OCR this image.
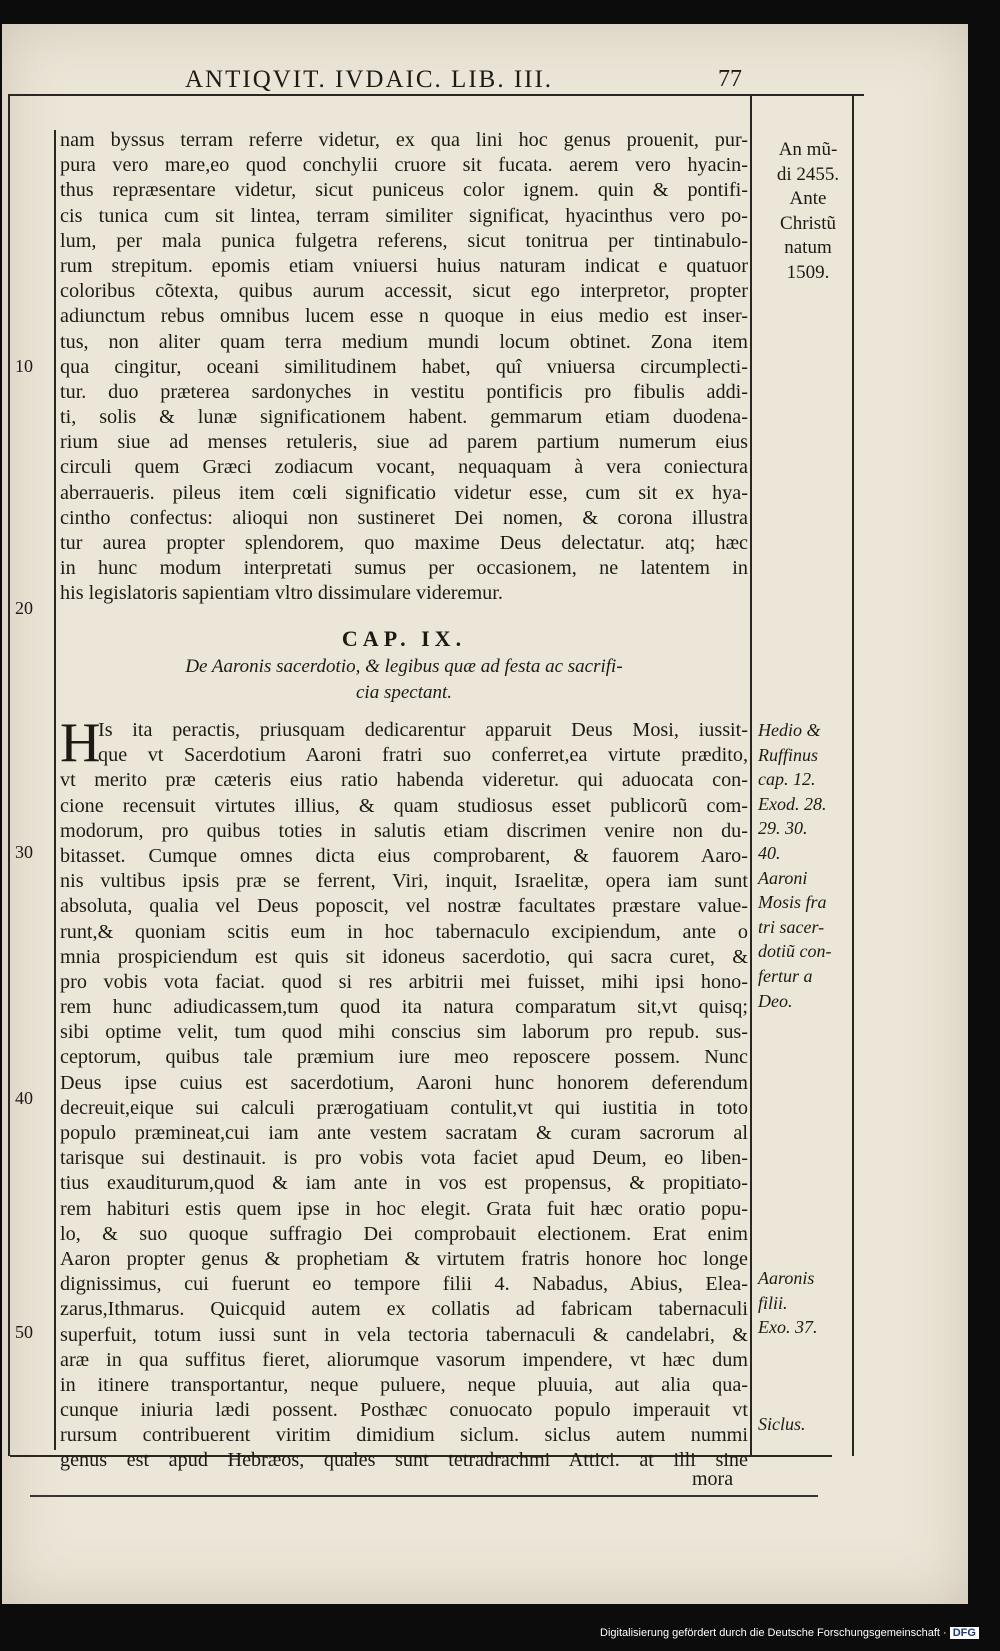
ANTIQVIT. IVDAIC. LIB. III.	77
nam byssus terram referre videtur, ex qua lini hoc genus prouenit, pur-
pura vero mare,eo quod conchylii cruore sit fucata. aerem vero hyacin-
thus repræsentare videtur, sicut puniceus color ignem. quin & pontifi-
cis tunica cum sit lintea, terram similiter significat, hyacinthus vero po-
lum, per mala punica fulgetra referens, sicut tonitrua per tintinabulo-
rum strepitum. epomis etiam vniuersi huius naturam indicat e quatuor
coloribus cõtexta, quibus aurum accessit, sicut ego interpretor, propter
adiunctum rebus omnibus lucem esse n quoque in eius medio est inser-
tus, non aliter quam terra medium mundi locum obtinet. Zona item
qua cingitur, oceani similitudinem habet, quî vniuersa circumplecti-
tur. duo præterea sardonyches in vestitu pontificis pro fibulis addi-
ti, solis & lunæ significationem habent. gemmarum etiam duodena-
rium siue ad menses retuleris, siue ad parem partium numerum eius
circuli quem Græci zodiacum vocant, nequaquam à vera coniectura
aberraueris. pileus item cœli significatio videtur esse, cum sit ex hya-
cintho confectus: alioqui non sustineret Dei nomen, & corona illustra
tur aurea propter splendorem, quo maxime Deus delectatur. atq; hæc
in hunc modum interpretati sumus per occasionem, ne latentem in
his legislatoris sapientiam vltro dissimulare videremur.
CAP. IX.
De Aaronis sacerdotio, & legibus quæ ad festa ac sacrifi-
cia spectant.
H
Is ita peractis, priusquam dedicarentur apparuit Deus Mosi, iussit-
que vt Sacerdotium Aaroni fratri suo conferret,ea virtute prædito,
vt merito præ cæteris eius ratio habenda videretur. qui aduocata con-
cione recensuit virtutes illius, & quam studiosus esset publicorũ com-
modorum, pro quibus toties in salutis etiam discrimen venire non du-
bitasset. Cumque omnes dicta eius comprobarent, & fauorem Aaro-
nis vultibus ipsis præ se ferrent, Viri, inquit, Israelitæ, opera iam sunt
absoluta, qualia vel Deus poposcit, vel nostræ facultates præstare value-
runt,& quoniam scitis eum in hoc tabernaculo excipiendum, ante o
mnia prospiciendum est quis sit idoneus sacerdotio, qui sacra curet, &
pro vobis vota faciat. quod si res arbitrii mei fuisset, mihi ipsi hono-
rem hunc adiudicassem,tum quod ita natura comparatum sit,vt quisq;
sibi optime velit, tum quod mihi conscius sim laborum pro repub. sus-
ceptorum, quibus tale præmium iure meo reposcere possem. Nunc
Deus ipse cuius est sacerdotium, Aaroni hunc honorem deferendum
decreuit,eique sui calculi prærogatiuam contulit,vt qui iustitia in toto
populo præmineat,cui iam ante vestem sacratam & curam sacrorum al
tarisque sui destinauit. is pro vobis vota faciet apud Deum, eo liben-
tius exauditurum,quod & iam ante in vos est propensus, & propitiato-
rem habituri estis quem ipse in hoc elegit. Grata fuit hæc oratio popu-
lo, & suo quoque suffragio Dei comprobauit electionem. Erat enim
Aaron propter genus & prophetiam & virtutem fratris honore hoc longe
dignissimus, cui fuerunt eo tempore filii 4. Nabadus, Abius, Elea-
zarus,Ithmarus. Quicquid autem ex collatis ad fabricam tabernaculi
superfuit, totum iussi sunt in vela tectoria tabernaculi & candelabri, &
aræ in qua suffitus fieret, aliorumque vasorum impendere, vt hæc dum
in itinere transportantur, neque puluere, neque pluuia, aut alia qua-
cunque iniuria lædi possent. Posthæc conuocato populo imperauit vt
rursum contribuerent viritim dimidium siclum. siclus autem nummi
genus est apud Hebræos, quales sunt tetradrachmi Attici. at illi sine
10
20
30
40
50
An mũ-
di 2455.
Ante
Christũ
natum
1509.
Hedio &
Ruffinus
cap. 12.
Exod. 28.
29. 30.
40.
Aaroni
Mosis fra
tri sacer-
dotiũ con-
fertur a
Deo.
Aaronis
filii.
Exo. 37.
Siclus.
mora
Digitalisierung gefördert durch die Deutsche Forschungsgemeinschaft · DFG
